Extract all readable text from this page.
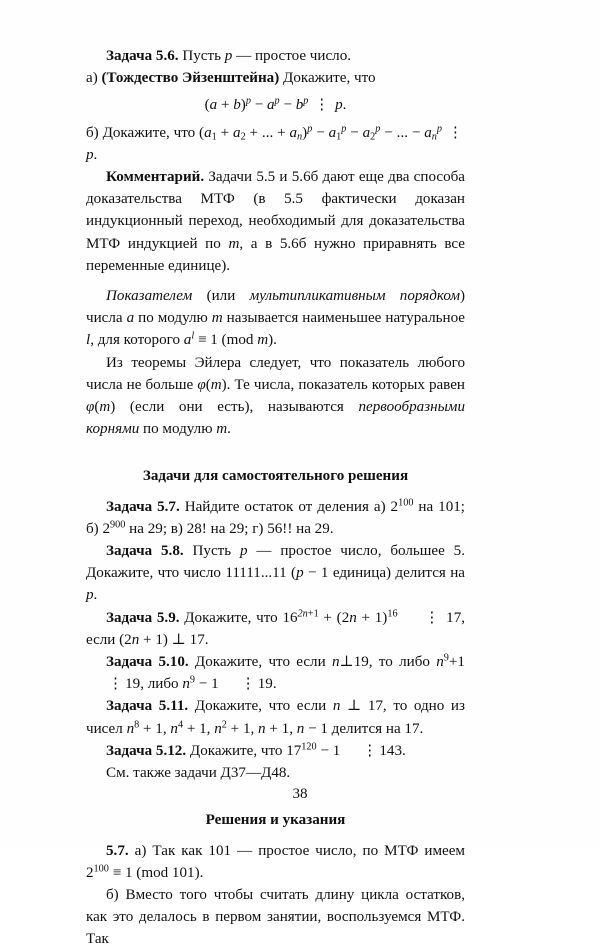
Задача 5.6. Пусть p — простое число.

а) (Тождество Эйзенштейна) Докажите, что

$(a + b)^p - a^p - b^p$ ⋮ p.

б) Докажите, что ($a_1 + a_2$ + ... + $a_n)^p - a_1^p - a_2^p$ − ... − $a_n^p$ ⋮ p.

Комментарий. Задачи 5.5 и 5.6б дают еще два способа доказательства МТФ (в 5.5 фактически доказан индукционный переход, необходимый для доказательства МТФ индукцией по m, а в 5.6б нужно приравнять все переменные единице).

Показателем (или мультипликативным порядком) числа a по модулю m называется наименьшее натуральное l, для которого $a^l \equiv 1$ (mod m).

Из теоремы Эйлера следует, что показатель любого числа не больше φ(m). Те числа, показатель которых равен φ(m) (если они есть), называются первообразными корнями по модулю m.

Задачи для самостоятельного решения

Задача 5.7. Найдите остаток от деления а) $2^{100}$ на 101; б) $2^{900}$ на 29; в) 28! на 29; г) 56!! на 29.

Задача 5.8. Пусть p — простое число, большее 5. Докажите, что число 11111...11 (p − 1 единица) делится на p.

Задача 5.9. Докажите, что $16^{2n+1} + (2n + 1)^{16}$ ⋮ 17, если (2n + 1) ⊥ 17.

Задача 5.10. Докажите, что если n⊥19, то либо $n^9+1⋮$ 19, либо $n^9 - 1$ ⋮ 19.

Задача 5.11. Докажите, что если n ⊥ 17, то одно из чисел $n^8 + 1$, $n^4 + 1$, $n^2 + 1$, n + 1, n − 1 делится на 17.

Задача 5.12. Докажите, что $17^{120} - 1$ ⋮ 143.

См. также задачи Д37—Д48.

Решения и указания

5.7. а) Так как 101 — простое число, по МТФ имеем $2^{100} \equiv 1$ (mod 101).

б) Вместо того чтобы считать длину цикла остатков, как это делалось в первом занятии, воспользуемся МТФ. Так

38
